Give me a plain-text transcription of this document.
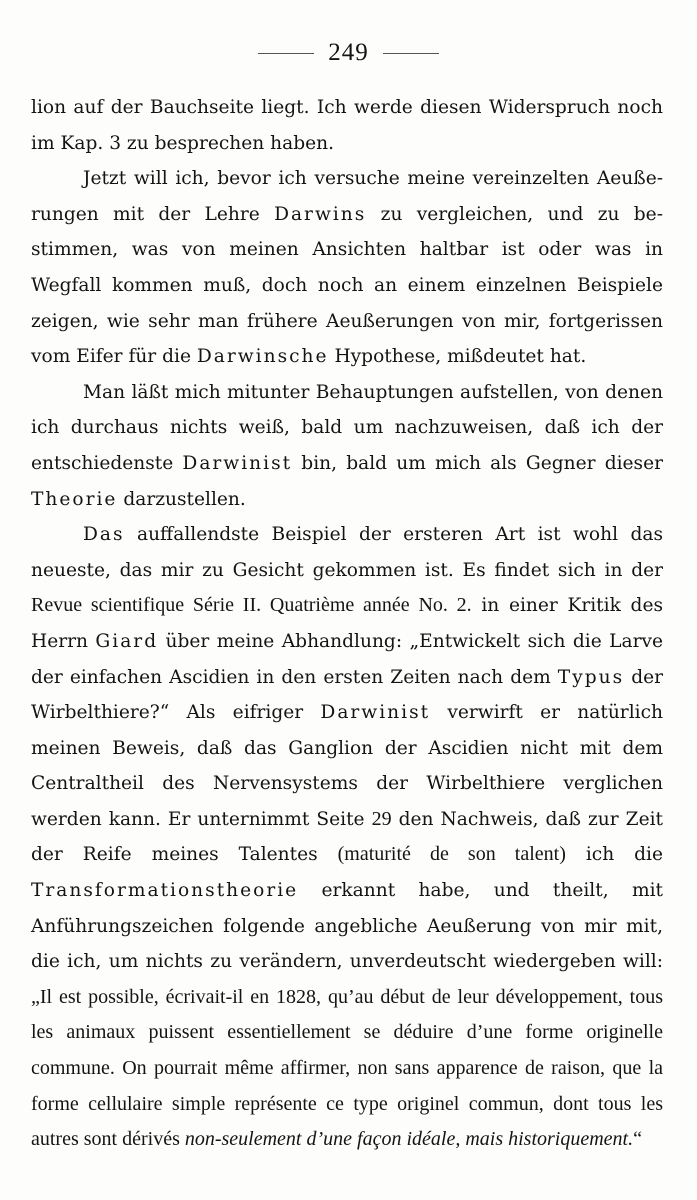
249

lion auf der Bauchseite liegt. Ich werde diesen Widerspruch noch im Kap. 3 zu besprechen haben.

Jetzt will ich, bevor ich versuche meine vereinzelten Aeußerungen mit der Lehre Darwins zu vergleichen, und zu bestimmen, was von meinen Ansichten haltbar ist oder was in Wegfall kommen muß, doch noch an einem einzelnen Beispiele zeigen, wie sehr man frühere Aeußerungen von mir, fortgerissen vom Eifer für die Darwinsche Hypothese, mißdeutet hat.

Man läßt mich mitunter Behauptungen aufstellen, von denen ich durchaus nichts weiß, bald um nachzuweisen, daß ich der entschiedenste Darwinist bin, bald um mich als Gegner dieser Theorie darzustellen.

Das auffallendste Beispiel der ersteren Art ist wohl das neueste, das mir zu Gesicht gekommen ist. Es findet sich in der Revue scientifique Série II. Quatrième année No. 2. in einer Kritik des Herrn Giard über meine Abhandlung: „Entwickelt sich die Larve der einfachen Ascidien in den ersten Zeiten nach dem Typus der Wirbelthiere?“ Als eifriger Darwinist verwirft er natürlich meinen Beweis, daß das Ganglion der Ascidien nicht mit dem Centraltheil des Nervensystems der Wirbelthiere verglichen werden kann. Er unternimmt Seite 29 den Nachweis, daß zur Zeit der Reife meines Talentes (maturité de son talent) ich die Transformationstheorie erkannt habe, und theilt, mit Anführungszeichen folgende angebliche Aeußerung von mir mit, die ich, um nichts zu verändern, unverdeutscht wiedergeben will: „Il est possible, écrivait-il en 1828, qu’au début de leur développement, tous les animaux puissent essentiellement se déduire d’une forme originelle commune. On pourrait même affirmer, non sans apparence de raison, que la forme cellulaire simple représente ce type originel commun, dont tous les autres sont dérivés non-seulement d’une façon idéale, mais historiquement.“
